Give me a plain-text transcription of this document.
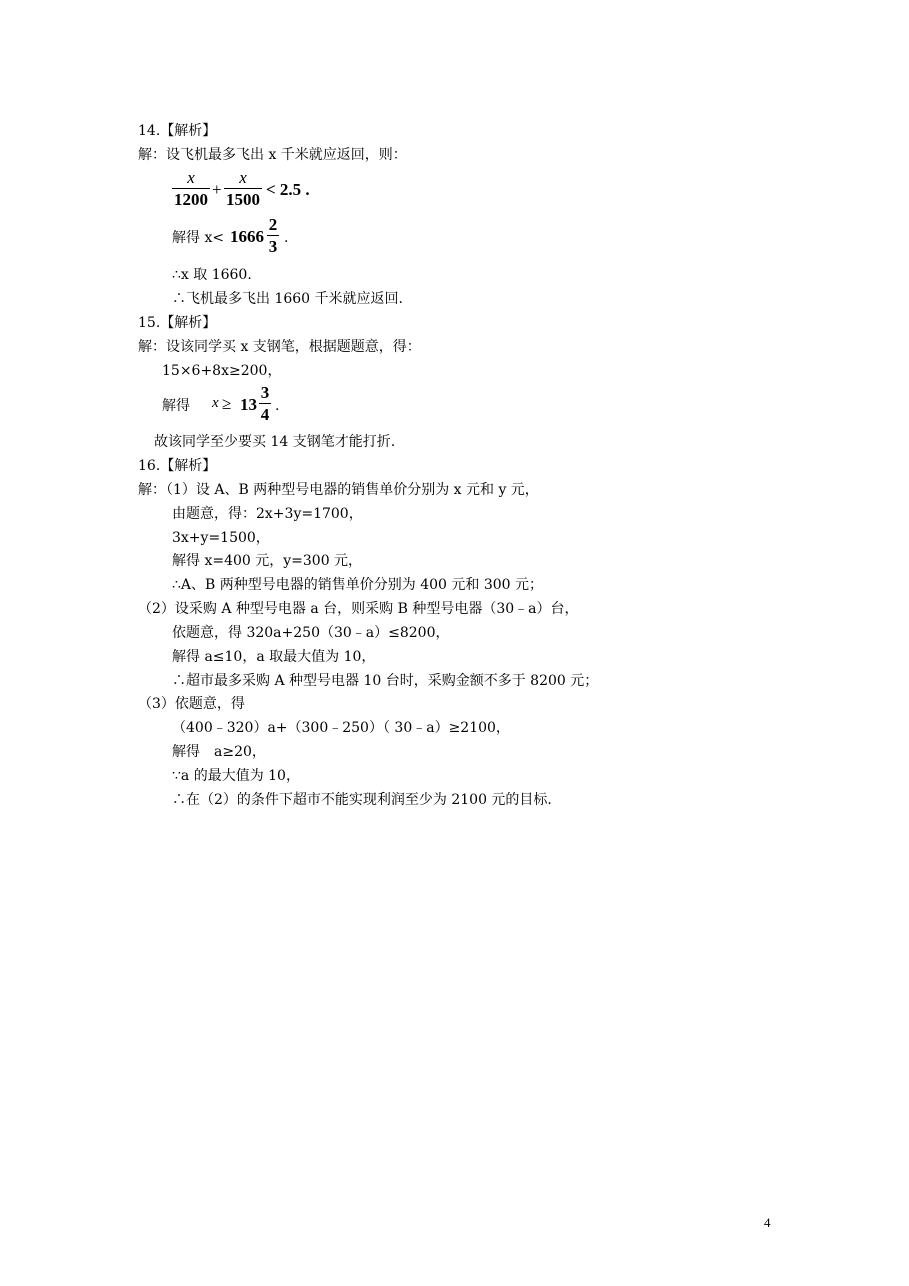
14.【解析】
解：设飞机最多飞出 x 千米就应返回，则：
x
1200
+
x
1500
< 2.5 .
解得 x< 1666
2
3 .
∴x 取 1660.
∴飞机最多飞出 1660 千米就应返回.
15.【解析】
解：设该同学买 x 支钢笔，根据题题意，得：
15×6+8x≥200，
解得 x ≥ 13
3
4 .
故该同学至少要买 14 支钢笔才能打折.
16.【解析】
解：（1）设 A、B 两种型号电器的销售单价分别为 x 元和 y 元，
由题意，得：2x+3y=1700，
3x+y=1500，
解得 x=400 元，y=300 元，
∴A、B 两种型号电器的销售单价分别为 400 元和 300 元；
（2）设采购 A 种型号电器 a 台，则采购 B 种型号电器（30﹣a）台，
依题意，得 320a+250（30﹣a）≤8200，
解得 a≤10，a 取最大值为 10，
∴超市最多采购 A 种型号电器 10 台时，采购金额不多于 8200 元；
（3）依题意，得
（400﹣320）a+（300﹣250）（ 30﹣a）≥2100，
解得　a≥20，
∵a 的最大值为 10，
∴在（2）的条件下超市不能实现利润至少为 2100 元的目标.
4
